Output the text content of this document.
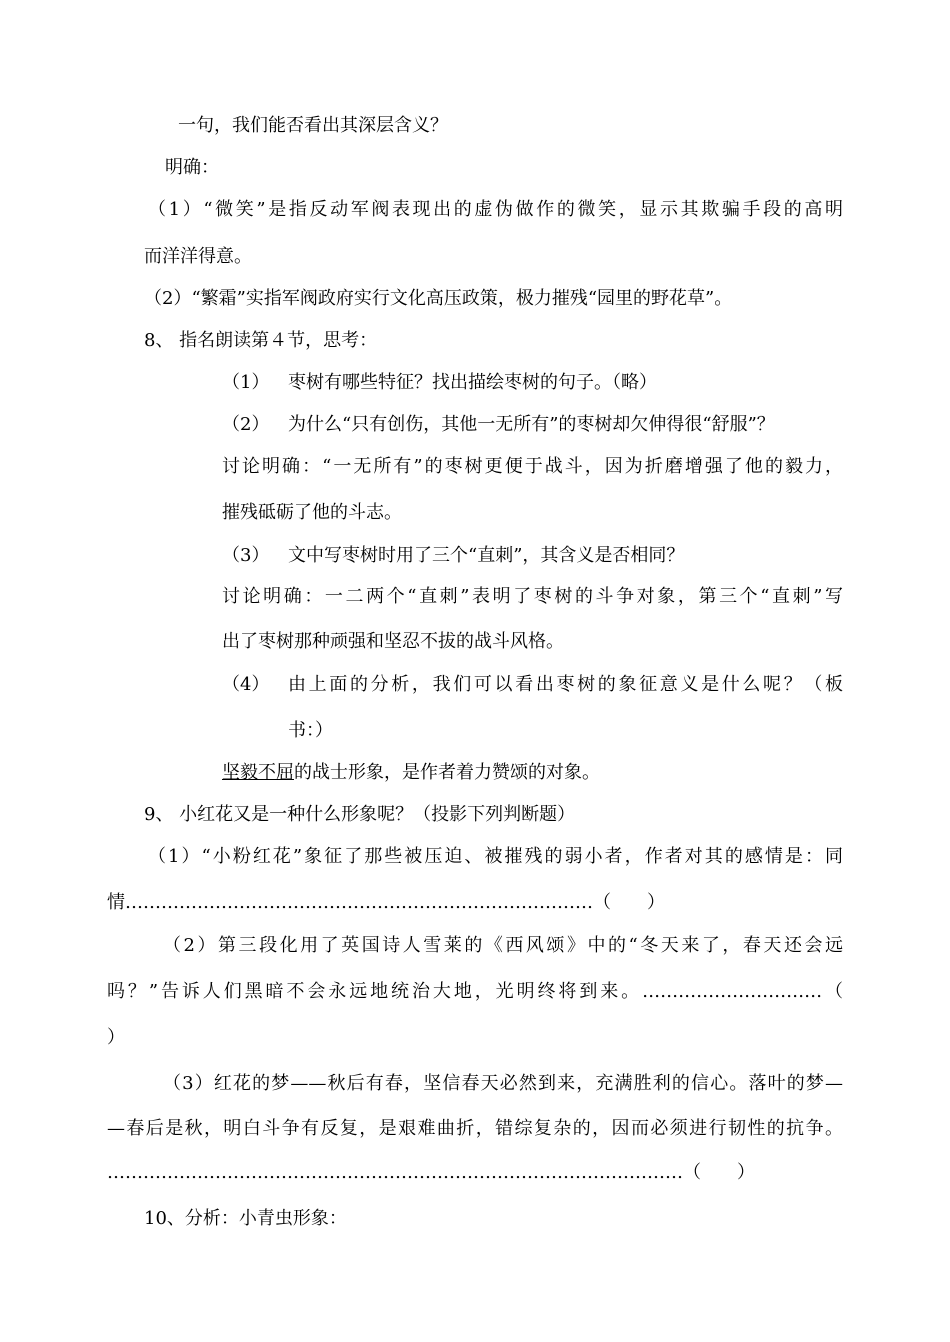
一句，我们能否看出其深层含义？
明确：
（1）“微笑”是指反动军阀表现出的虚伪做作的微笑，显示其欺骗手段的高明
而洋洋得意。
（2）“繁霜”实指军阀政府实行文化高压政策，极力摧残“园里的野花草”。
8、 指名朗读第４节，思考：
（1） 枣树有哪些特征？找出描绘枣树的句子。（略）
（2） 为什么“只有创伤，其他一无所有”的枣树却欠伸得很“舒服”？
讨论明确：“一无所有”的枣树更便于战斗，因为折磨增强了他的毅力，
摧残砥砺了他的斗志。
（3） 文中写枣树时用了三个“直刺”，其含义是否相同？
讨论明确：一二两个“直刺”表明了枣树的斗争对象，第三个“直刺”写
出了枣树那种顽强和坚忍不拔的战斗风格。
（4） 由上面的分析，我们可以看出枣树的象征意义是什么呢？（板
书：）
坚毅不屈的战士形象，是作者着力赞颂的对象。
9、 小红花又是一种什么形象呢？（投影下列判断题）
（1）“小粉红花”象征了那些被压迫、被摧残的弱小者，作者对其的感情是：同
情……………………………………………………………………（　　）
（2）第三段化用了英国诗人雪莱的《西风颂》中的“冬天来了，春天还会远
吗？”告诉人们黑暗不会永远地统治大地，光明终将到来。…………………………（
）
（3）红花的梦——秋后有春，坚信春天必然到来，充满胜利的信心。落叶的梦—
—春后是秋，明白斗争有反复，是艰难曲折，错综复杂的，因而必须进行韧性的抗争。
……………………………………………………………………………………（　　）
10、分析：小青虫形象：
